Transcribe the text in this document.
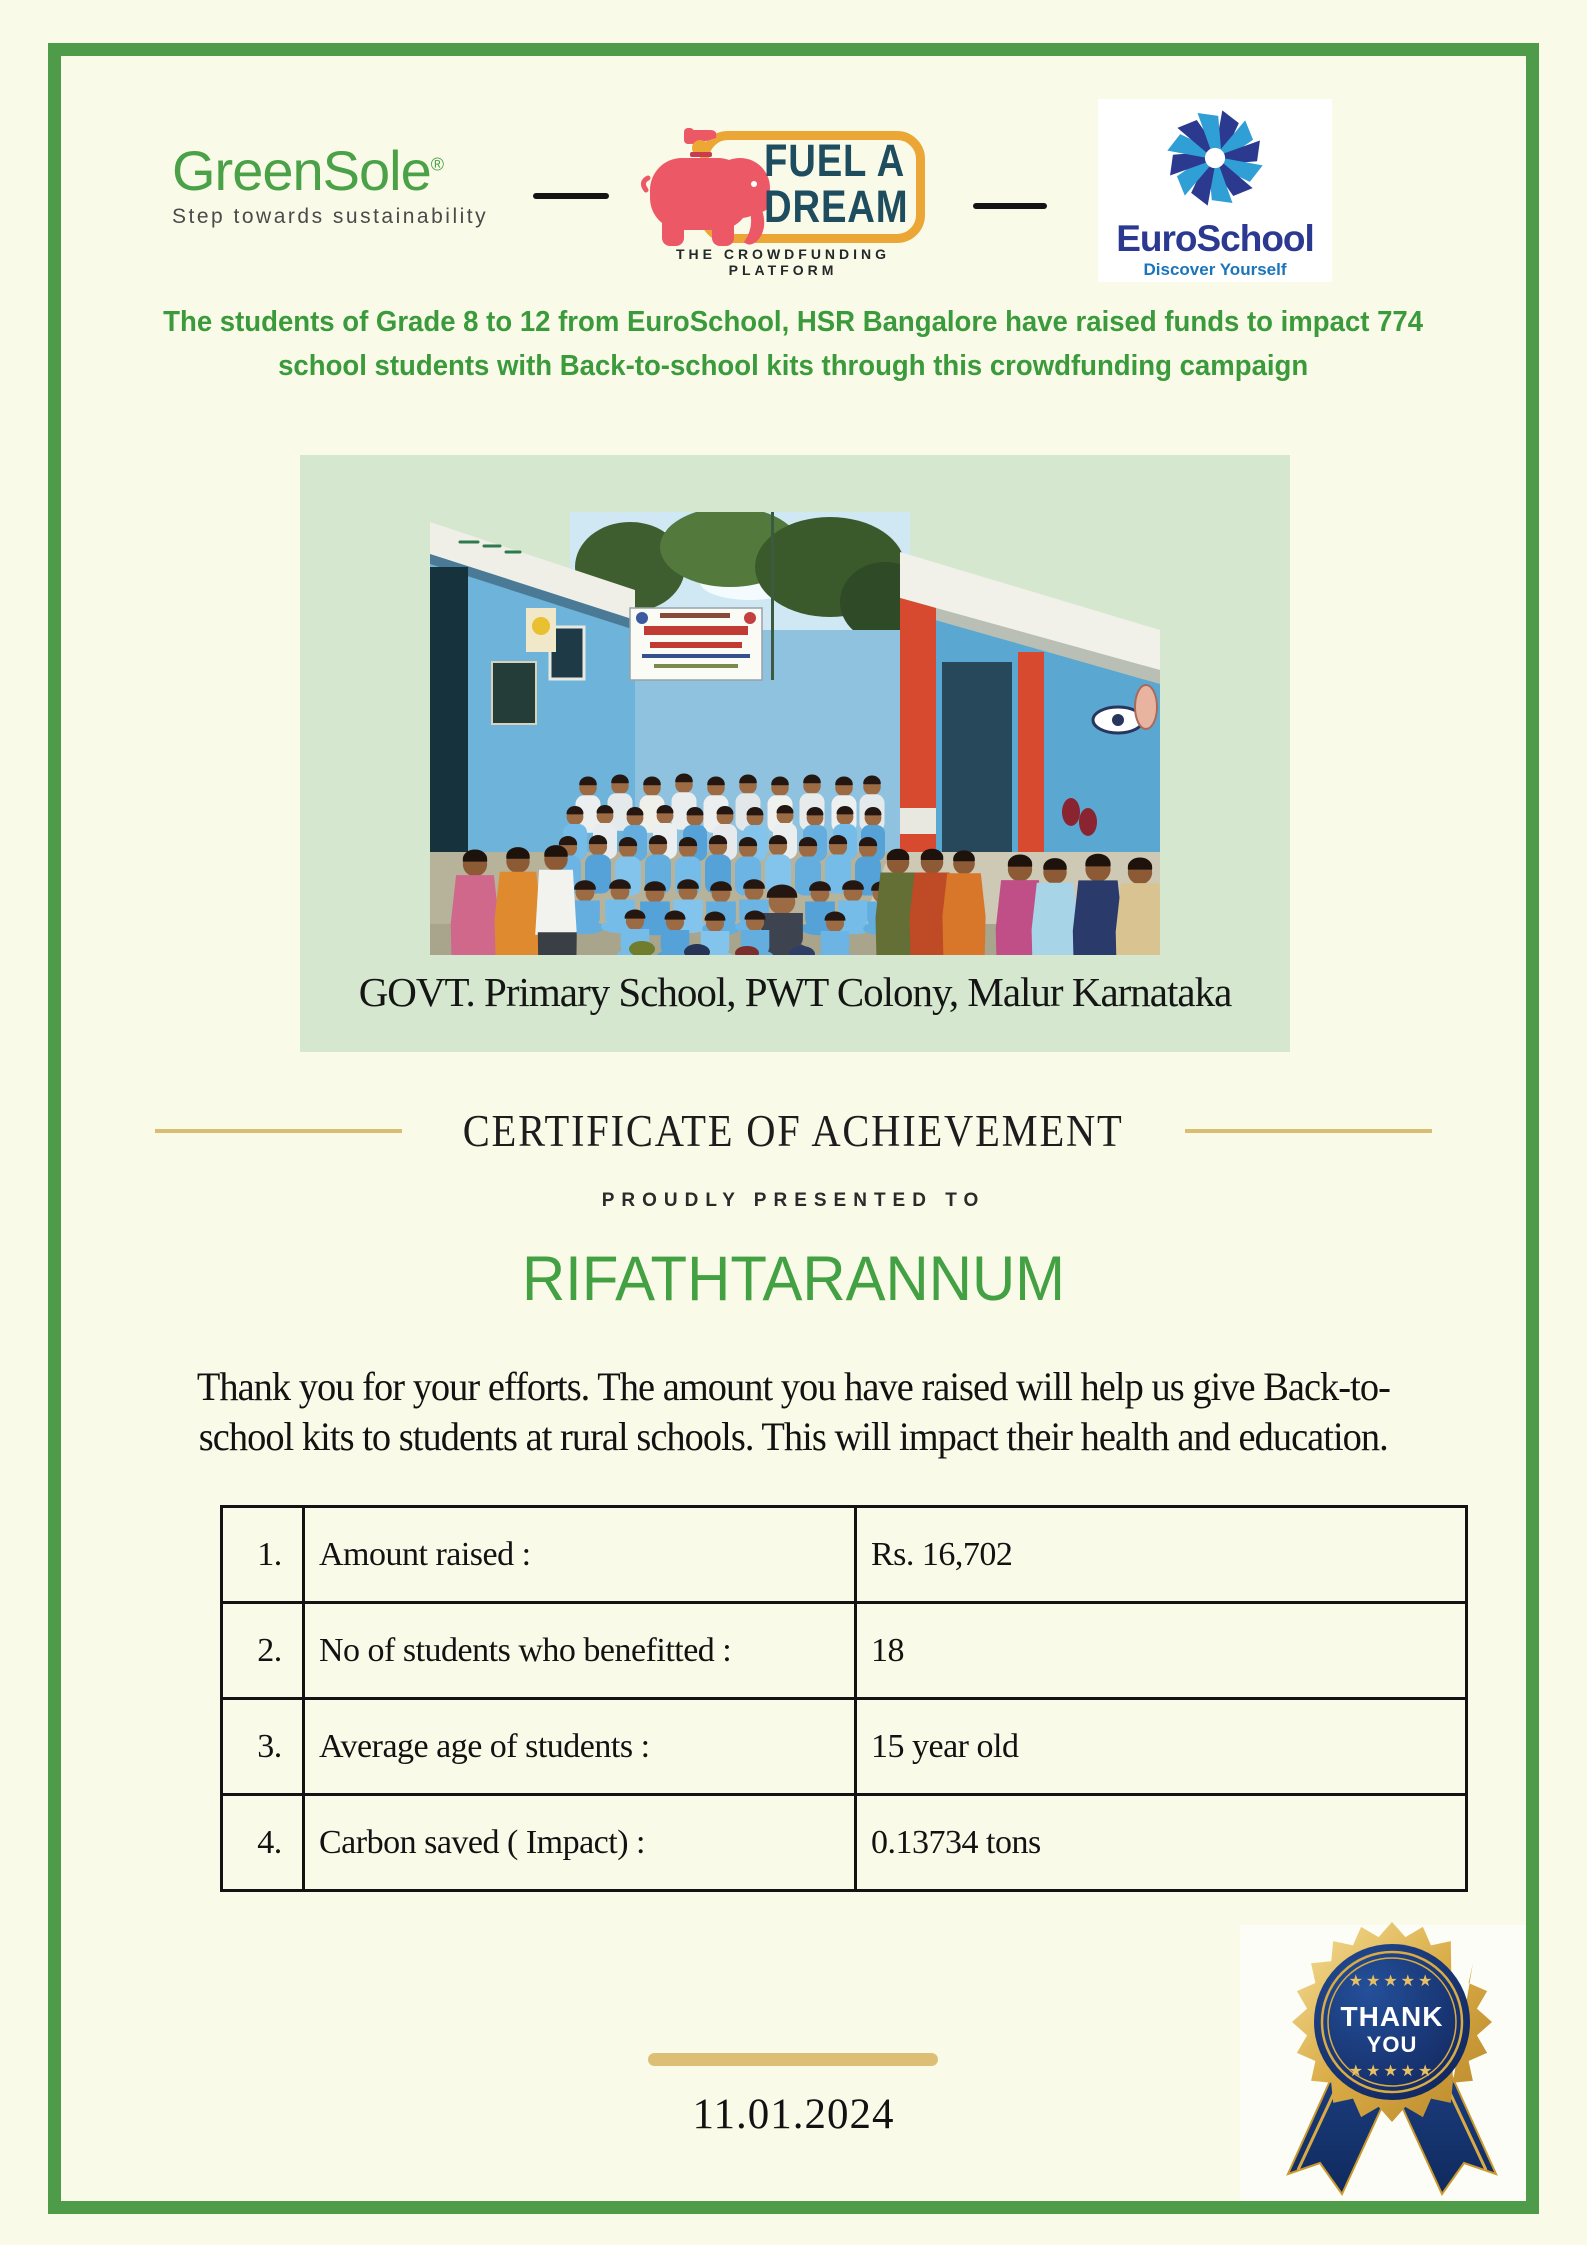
GreenSole®
Step towards sustainability
FUEL A
DREAM
THE CROWDFUNDING PLATFORM
EuroSchool
Discover Yourself
The students of Grade 8 to 12 from EuroSchool, HSR Bangalore have raised funds to impact 774
school students with Back-to-school kits through this crowdfunding campaign
GOVT. Primary School, PWT Colony, Malur Karnataka
CERTIFICATE OF ACHIEVEMENT
PROUDLY PRESENTED TO
RIFATHTARANNUM
Thank you for your efforts. The amount you have raised will help us give Back-to-
school kits to students at rural schools. This will impact their health and education.
1.	Amount raised :	Rs. 16,702
2.	No of students who benefitted :	18
3.	Average age of students :	15 year old
4.	Carbon saved ( Impact) :	0.13734 tons
11.01.2024
★★★★★
THANK
YOU
★★★★★
